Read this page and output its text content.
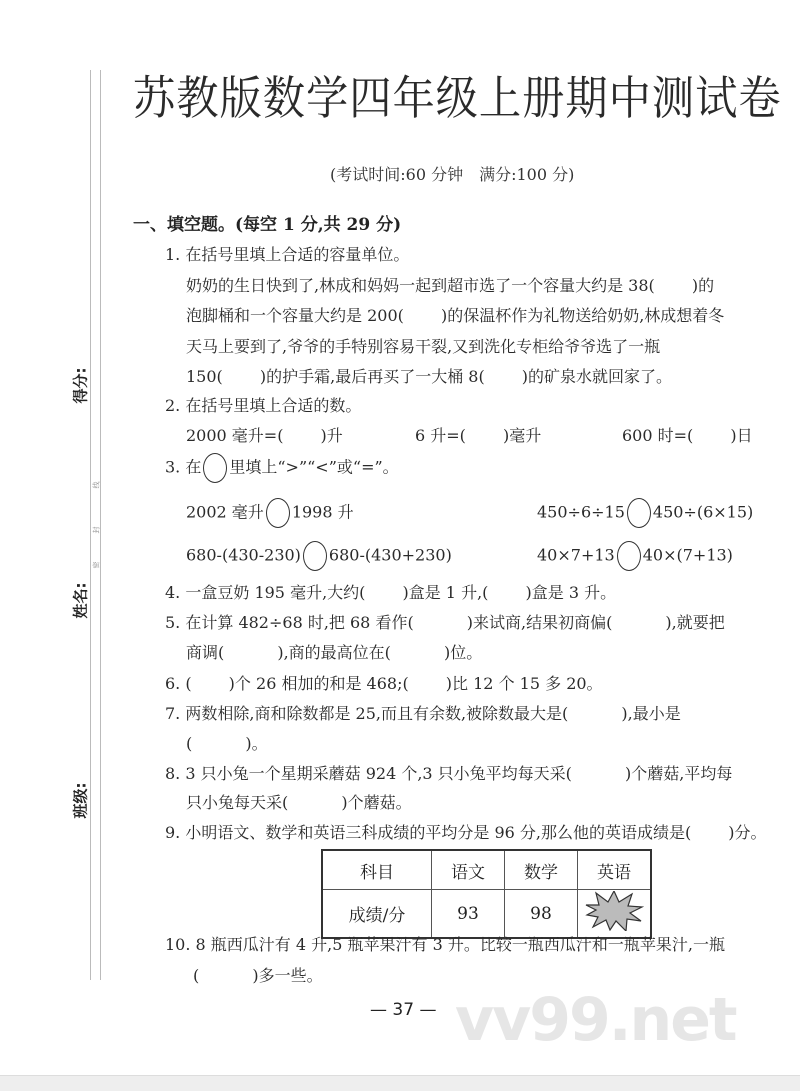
得分:
姓名:
班级:
线
封
密
苏教版数学四年级上册期中测试卷
(考试时间:60 分钟　满分:100 分)
一、填空题。(每空 1 分,共 29 分)
1. 在括号里填上合适的容量单位。
奶奶的生日快到了,林成和妈妈一起到超市选了一个容量大约是 38(　　 )的
泡脚桶和一个容量大约是 200(　　 )的保温杯作为礼物送给奶奶,林成想着冬
天马上要到了,爷爷的手特别容易干裂,又到洗化专柜给爷爷选了一瓶
150(　　 )的护手霜,最后再买了一大桶 8(　　 )的矿泉水就回家了。
2. 在括号里填上合适的数。
2000 毫升=(　　 )升	6 升=(　　 )毫升	600 时=(　　 )日
3. 在 里填上“>”“<”或“=”。
2002 毫升 1998 升	450÷6÷15 450÷(6×15)
680-(430-230) 680-(430+230)	40×7+13 40×(7+13)
4. 一盒豆奶 195 毫升,大约(　　 )盒是 1 升,(　　 )盒是 3 升。
5. 在计算 482÷68 时,把 68 看作(　　　 )来试商,结果初商偏(　　　 ),就要把
商调(　　　 ),商的最高位在(　　　 )位。
6. (　　 )个 26 相加的和是 468;(　　 )比 12 个 15 多 20。
7. 两数相除,商和除数都是 25,而且有余数,被除数最大是(　　　 ),最小是
(　　　 )。
8. 3 只小兔一个星期采蘑菇 924 个,3 只小兔平均每天采(　　　 )个蘑菇,平均每
只小兔每天采(　　　 )个蘑菇。
9. 小明语文、数学和英语三科成绩的平均分是 96 分,那么他的英语成绩是(　　 )分。
科目	语文	数学	英语
成绩/分	93	98	
10. 8 瓶西瓜汁有 4 升,5 瓶苹果汁有 3 升。比较一瓶西瓜汁和一瓶苹果汁,一瓶
(　　　 )多一些。
vv99.net
— 37 —
